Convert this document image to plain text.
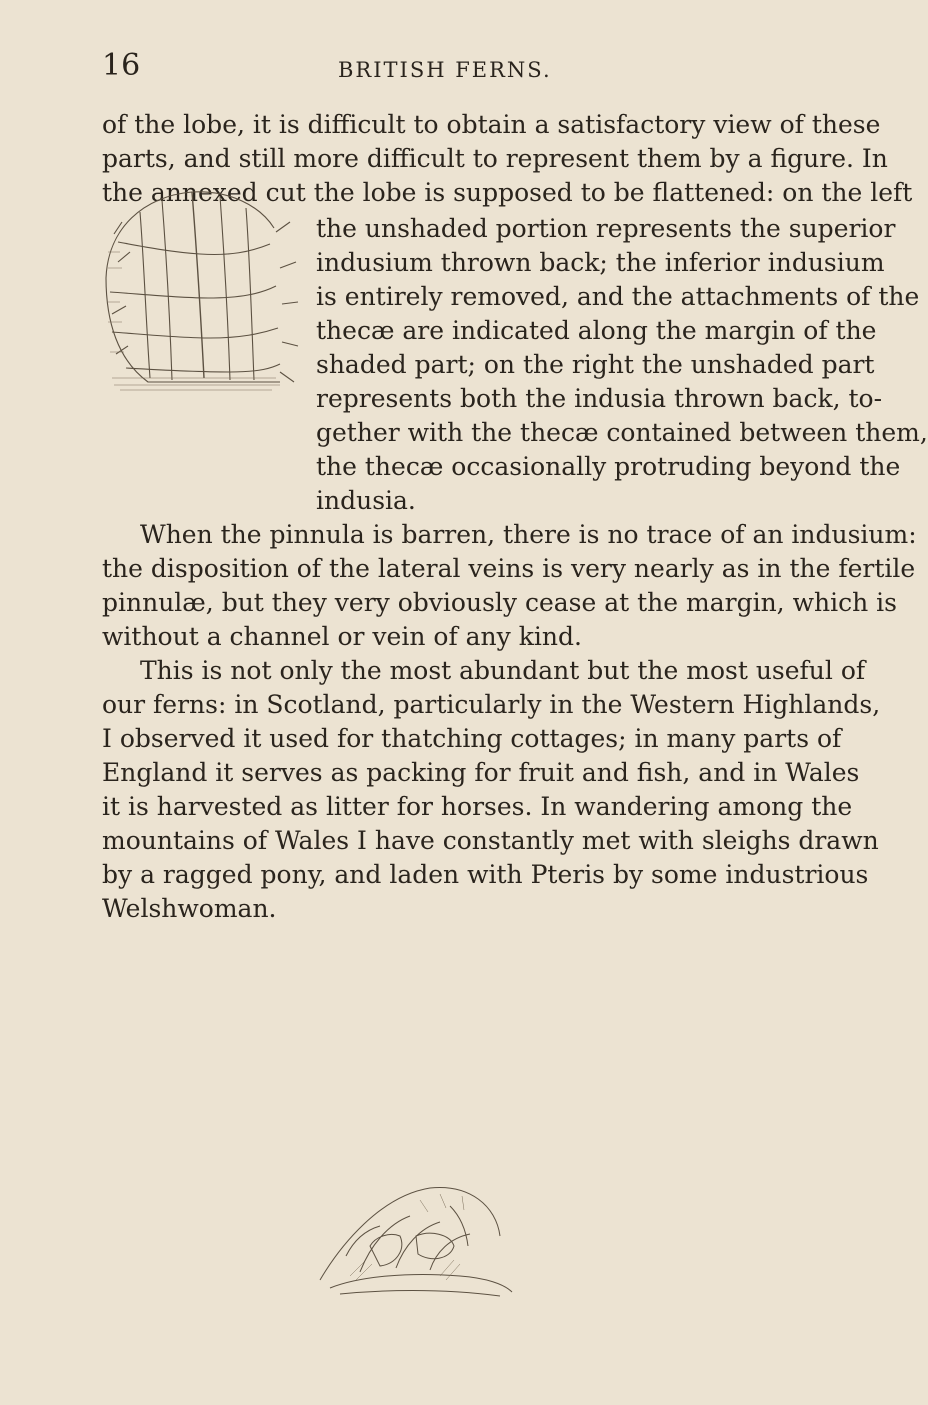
16	BRITISH FERNS.
of the lobe, it is difficult to obtain a satisfactory view of these
parts, and still more difficult to represent them by a figure. In
the annexed cut the lobe is supposed to be flattened: on the left
the unshaded portion represents the superior
indusium thrown back; the inferior indusium
is entirely removed, and the attachments of the
thecæ are indicated along the margin of the
shaded part; on the right the unshaded part
represents both the indusia thrown back, to-
gether with the thecæ contained between them,
the thecæ occasionally protruding beyond the
indusia.
When the pinnula is barren, there is no trace of an indusium:
the disposition of the lateral veins is very nearly as in the fertile
pinnulæ, but they very obviously cease at the margin, which is
without a channel or vein of any kind.
This is not only the most abundant but the most useful of
our ferns: in Scotland, particularly in the Western Highlands,
I observed it used for thatching cottages; in many parts of
England it serves as packing for fruit and fish, and in Wales
it is harvested as litter for horses. In wandering among the
mountains of Wales I have constantly met with sleighs drawn
by a ragged pony, and laden with Pteris by some industrious
Welshwoman.
